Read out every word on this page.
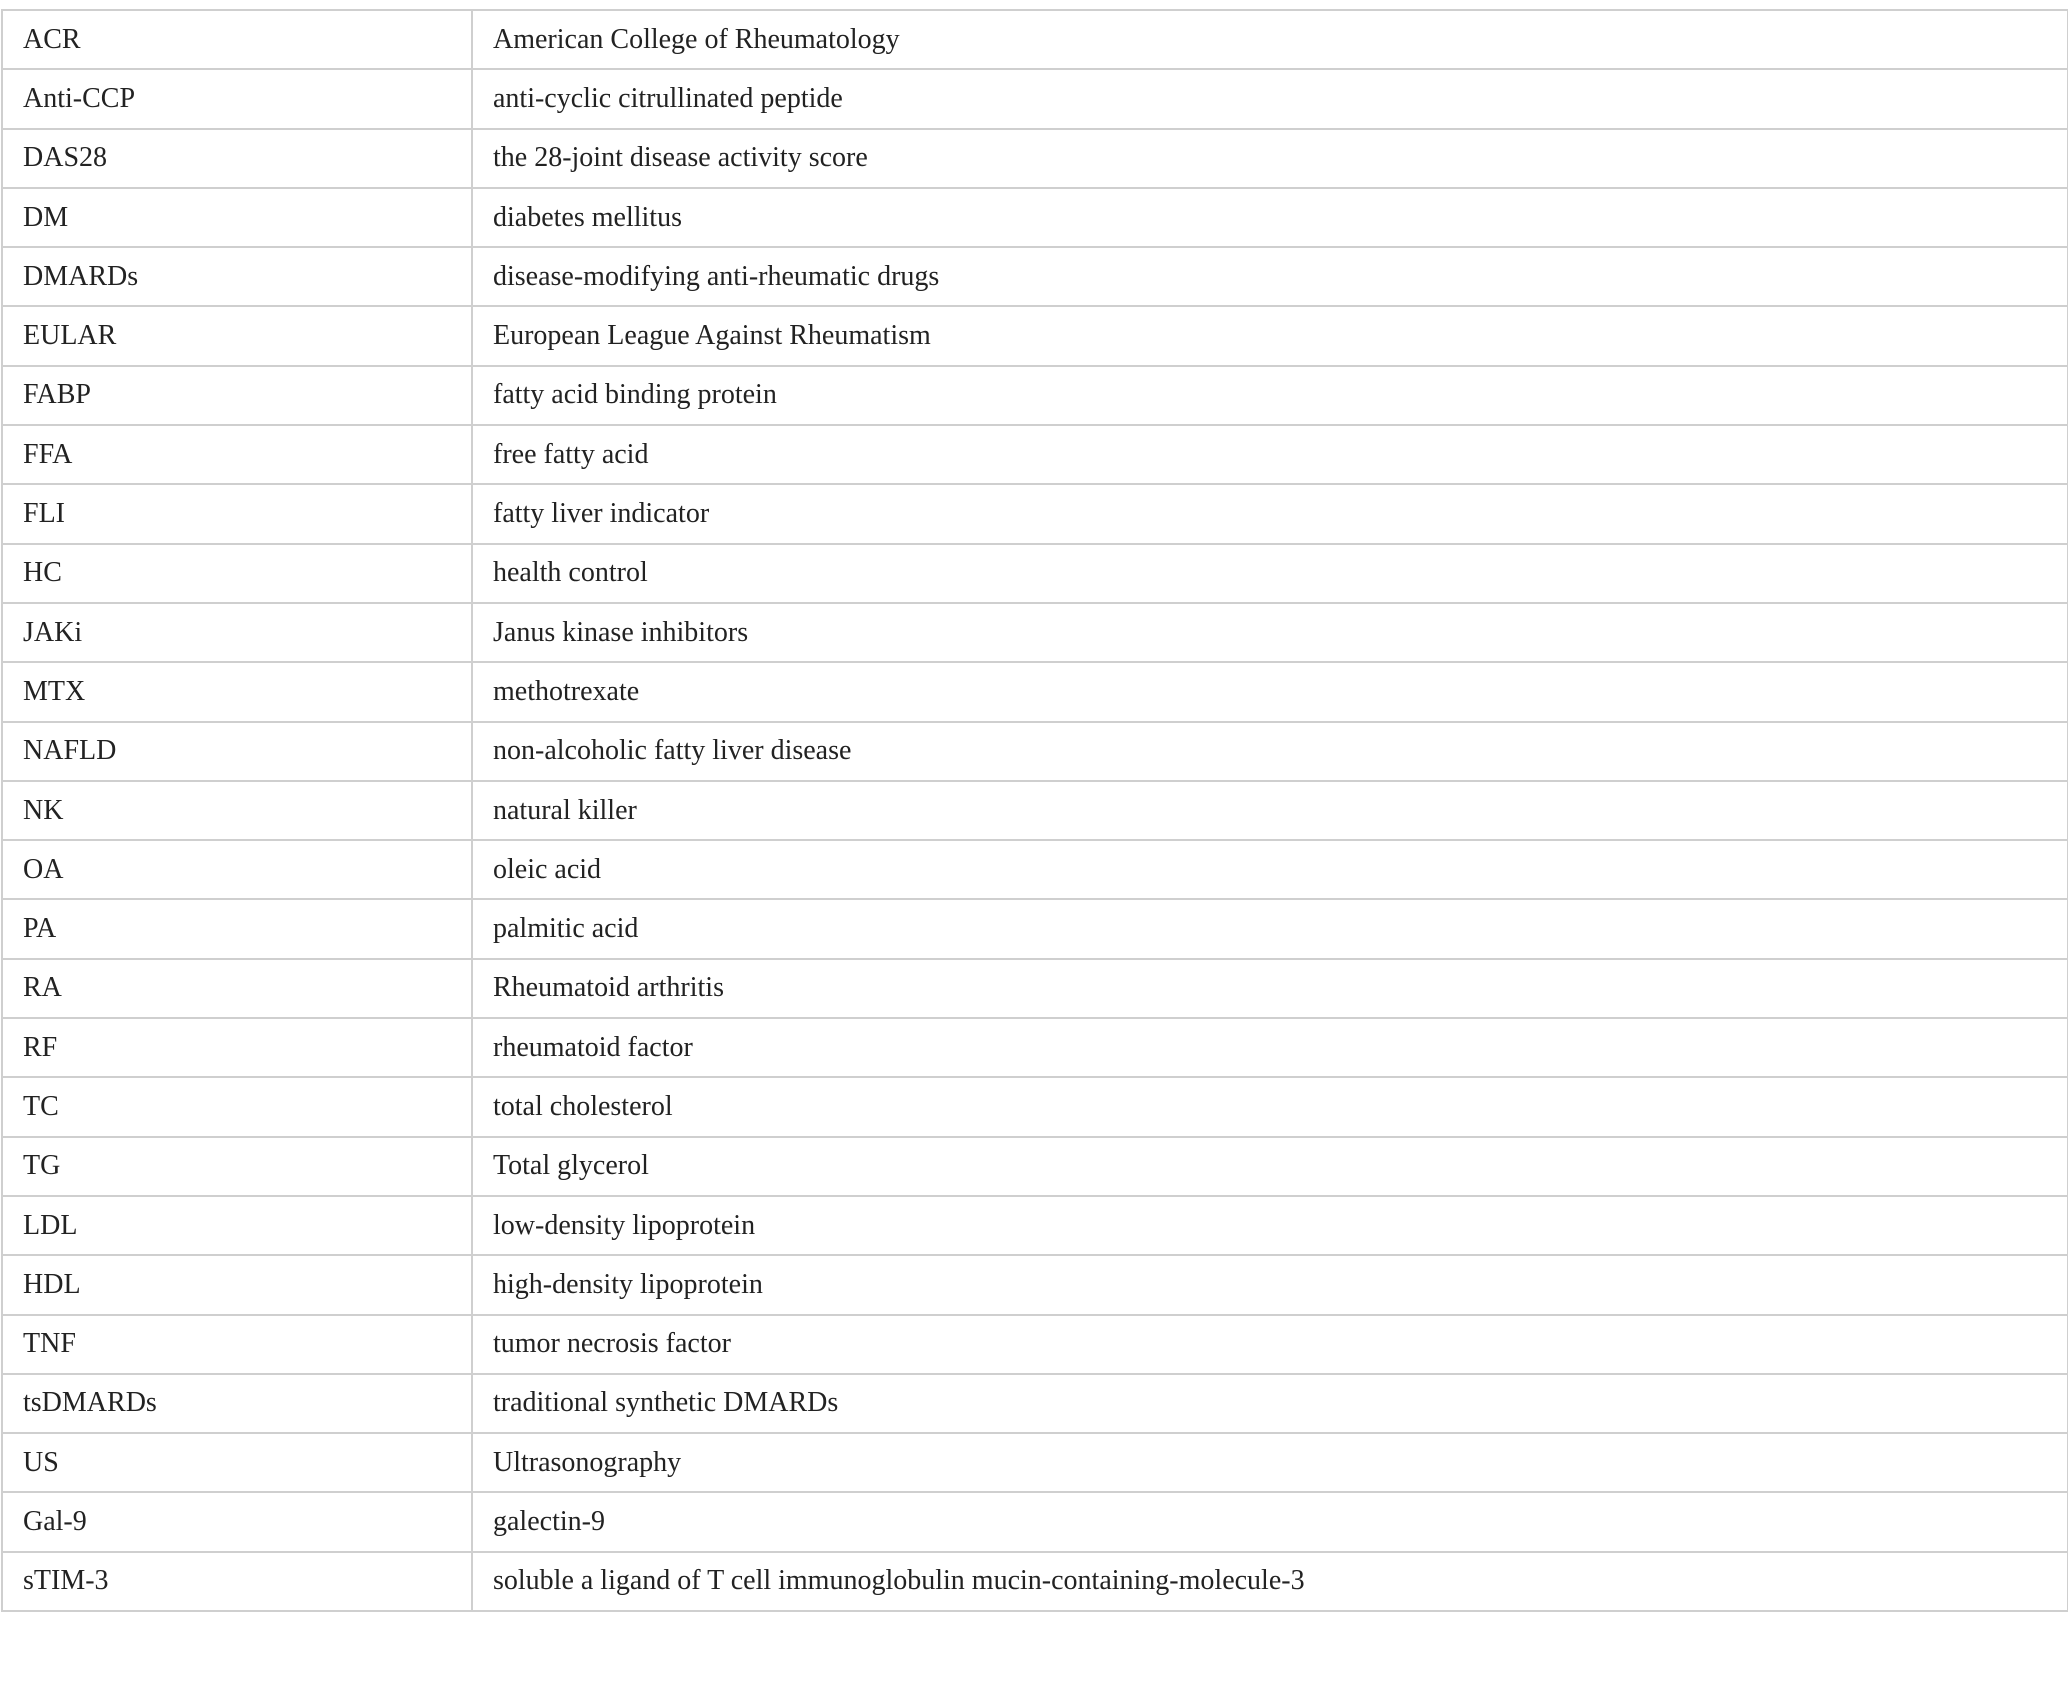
ACR	American College of Rheumatology
Anti-CCP	anti-cyclic citrullinated peptide
DAS28	the 28-joint disease activity score
DM	diabetes mellitus
DMARDs	disease-modifying anti-rheumatic drugs
EULAR	European League Against Rheumatism
FABP	fatty acid binding protein
FFA	free fatty acid
FLI	fatty liver indicator
HC	health control
JAKi	Janus kinase inhibitors
MTX	methotrexate
NAFLD	non-alcoholic fatty liver disease
NK	natural killer
OA	oleic acid
PA	palmitic acid
RA	Rheumatoid arthritis
RF	rheumatoid factor
TC	total cholesterol
TG	Total glycerol
LDL	low-density lipoprotein
HDL	high-density lipoprotein
TNF	tumor necrosis factor
tsDMARDs	traditional synthetic DMARDs
US	Ultrasonography
Gal-9	galectin-9
sTIM-3	soluble a ligand of T cell immunoglobulin mucin-containing-molecule-3
